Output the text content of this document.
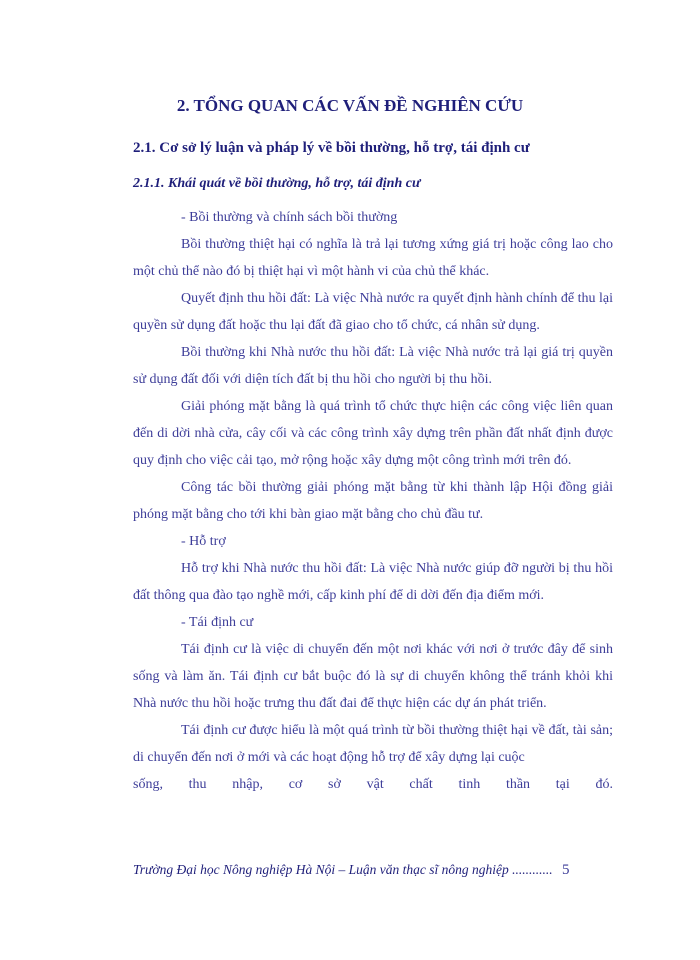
2. TỔNG QUAN CÁC VẤN ĐỀ NGHIÊN CỨU
2.1. Cơ sở lý luận và pháp lý về bồi thường, hỗ trợ, tái định cư
2.1.1. Khái quát về bồi thường, hỗ trợ, tái định cư

- Bồi thường và chính sách bồi thường

Bồi thường thiệt hại có nghĩa là trả lại tương xứng giá trị hoặc công lao cho một chủ thể nào đó bị thiệt hại vì một hành vi của chủ thể khác.

Quyết định thu hồi đất: Là việc Nhà nước ra quyết định hành chính để thu lại quyền sử dụng đất hoặc thu lại đất đã giao cho tổ chức, cá nhân sử dụng.

Bồi thường khi Nhà nước thu hồi đất: Là việc Nhà nước trả lại giá trị quyền sử dụng đất đối với diện tích đất bị thu hồi cho người bị thu hồi.

Giải phóng mặt bằng là quá trình tổ chức thực hiện các công việc liên quan đến di dời nhà cửa, cây cối và các công trình xây dựng trên phần đất nhất định được quy định cho việc cải tạo, mở rộng hoặc xây dựng một công trình mới trên đó.

Công tác bồi thường giải phóng mặt bằng từ khi thành lập Hội đồng giải phóng mặt bằng cho tới khi bàn giao mặt bằng cho chủ đầu tư.

- Hỗ trợ

Hỗ trợ khi Nhà nước thu hồi đất: Là việc Nhà nước giúp đỡ người bị thu hồi đất thông qua đào tạo nghề mới, cấp kinh phí để di dời đến địa điểm mới.

- Tái định cư

Tái định cư là việc di chuyển đến một nơi khác với nơi ở trước đây để sinh sống và làm ăn. Tái định cư bắt buộc đó là sự di chuyển không thể tránh khỏi khi Nhà nước thu hồi hoặc trưng thu đất đai để thực hiện các dự án phát triển.

Tái định cư được hiểu là một quá trình từ bồi thường thiệt hại về đất, tài sản; di chuyển đến nơi ở mới và các hoạt động hỗ trợ để xây dựng lại cuộc

sống, thu nhập, cơ sở vật chất tinh thần tại đó.

Trường Đại học Nông nghiệp Hà Nội – Luận văn thạc sĩ nông nghiệp ............ 5
